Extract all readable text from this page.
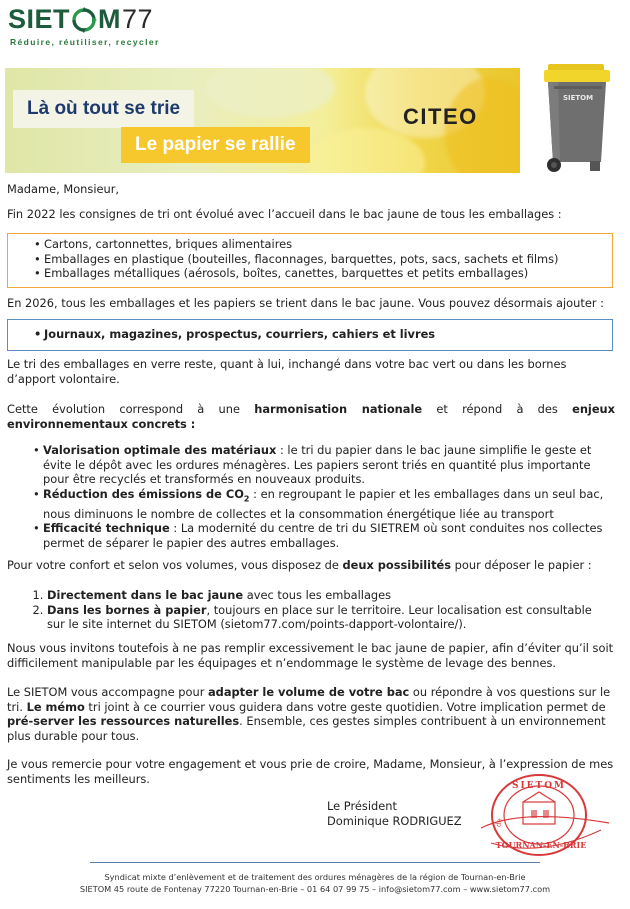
SIET M 77
Réduire, réutiliser, recycler
Là où tout se trie
Le papier se rallie
CITEO
SIETOM

Madame, Monsieur,

Fin 2022 les consignes de tri ont évolué avec l’accueil dans le bac jaune de tous les emballages :

• Cartons, cartonnettes, briques alimentaires
• Emballages en plastique (bouteilles, flaconnages, barquettes, pots, sacs, sachets et films)
• Emballages métalliques (aérosols, boîtes, canettes, barquettes et petits emballages)

En 2026, tous les emballages et les papiers se trient dans le bac jaune. Vous pouvez désormais ajouter :

• Journaux, magazines, prospectus, courriers, cahiers et livres

Le tri des emballages en verre reste, quant à lui, inchangé dans votre bac vert ou dans les bornes d’apport volontaire.

Cette évolution correspond à une harmonisation nationale et répond à des enjeux environnementaux concrets :

• Valorisation optimale des matériaux : le tri du papier dans le bac jaune simplifie le geste et évite le dépôt avec les ordures ménagères. Les papiers seront triés en quantité plus importante pour être recyclés et transformés en nouveaux produits.
• Réduction des émissions de $CO_2$ : en regroupant le papier et les emballages dans un seul bac, nous diminuons le nombre de collectes et la consommation énergétique liée au transport
• Efficacité technique : La modernité du centre de tri du SIETREM où sont conduites nos collectes permet de séparer le papier des autres emballages.

Pour votre confort et selon vos volumes, vous disposez de deux possibilités pour déposer le papier :

1. Directement dans le bac jaune avec tous les emballages
2. Dans les bornes à papier, toujours en place sur le territoire. Leur localisation est consultable sur le site internet du SIETOM (sietom77.com/points-dapport-volontaire/).

Nous vous invitons toutefois à ne pas remplir excessivement le bac jaune de papier, afin d’éviter qu’il soit difficilement manipulable par les équipages et n’endommage le système de levage des bennes.

Le SIETOM vous accompagne pour adapter le volume de votre bac ou répondre à vos questions sur le tri. Le mémo tri joint à ce courrier vous guidera dans votre geste quotidien. Votre implication permet de pré-server les ressources naturelles. Ensemble, ces gestes simples contribuent à un environnement plus durable pour tous.

Je vous remercie pour votre engagement et vous prie de croire, Madame, Monsieur, à l’expression de mes sentiments les meilleurs.

Le Président
Dominique RODRIGUEZ
SIETOM
TOURNAN-EN-BRIE
de
Syndicat mixte d’enlèvement et de traitement des ordures ménagères de la région de Tournan-en-Brie
SIETOM 45 route de Fontenay 77220 Tournan-en-Brie – 01 64 07 99 75 – info@sietom77.com – www.sietom77.com
